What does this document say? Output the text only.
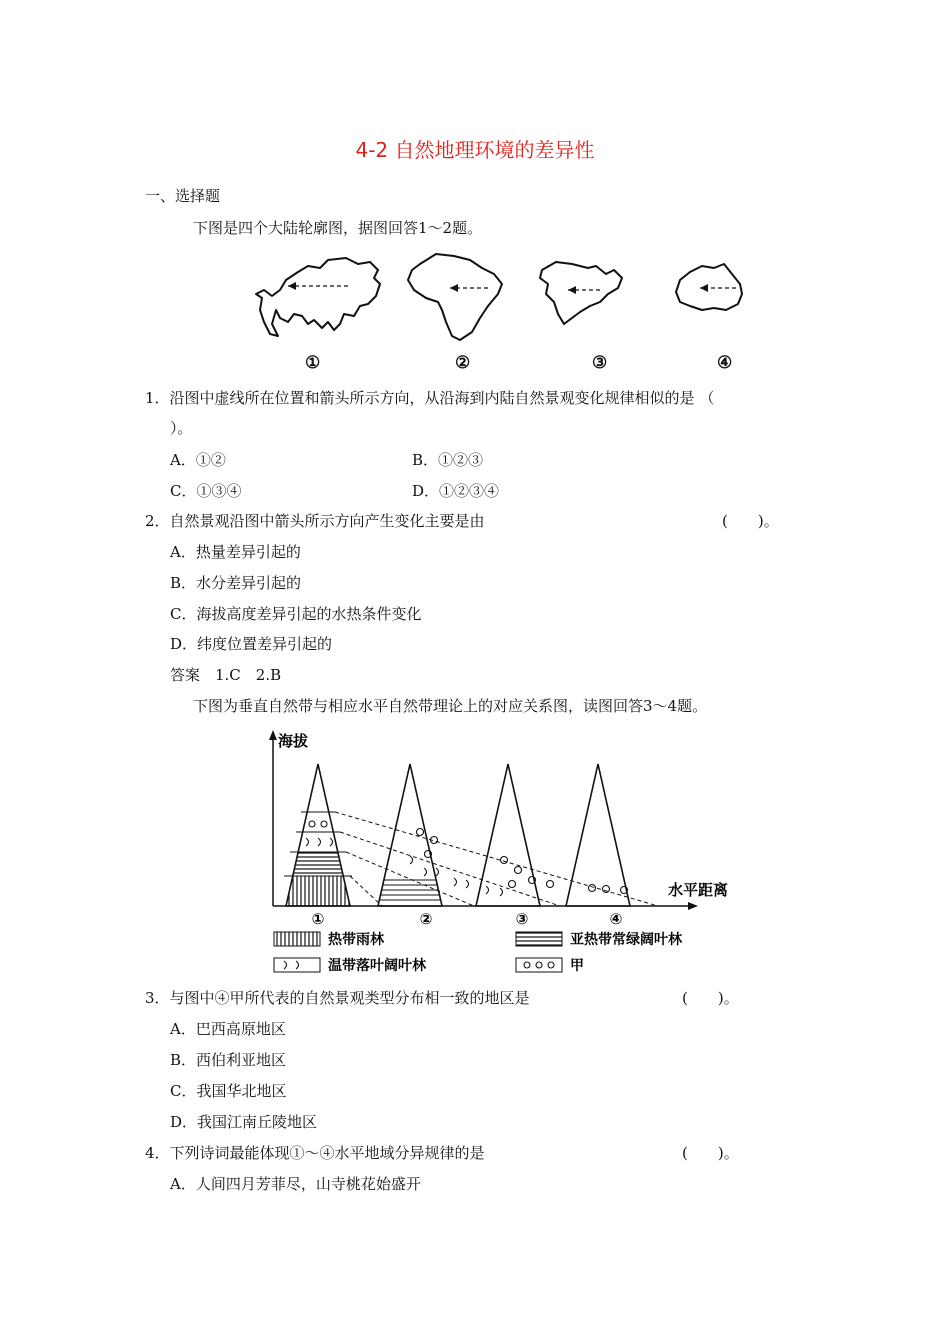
4-2 自然地理环境的差异性
一、选择题
下图是四个大陆轮廓图，据图回答1～2题。
①	②	③	④
1．沿图中虚线所在位置和箭头所示方向，从沿海到内陆自然景观变化规律相似的是 （
）。
A．①②	B．①②③
C．①③④	D．①②③④
2．自然景观沿图中箭头所示方向产生变化主要是由	(　　)。
A．热量差异引起的
B．水分差异引起的
C．海拔高度差异引起的水热条件变化
D．纬度位置差异引起的
答案　1.C　2.B
下图为垂直自然带与相应水平自然带理论上的对应关系图，读图回答3～4题。
海拔
水平距离
①	②	③	④
热带雨林	亚热带常绿阔叶林
温带落叶阔叶林	甲
3．与图中④甲所代表的自然景观类型分布相一致的地区是	(　　)。
A．巴西高原地区
B．西伯利亚地区
C．我国华北地区
D．我国江南丘陵地区
4．下列诗词最能体现①～④水平地域分异规律的是	(　　)。
A．人间四月芳菲尽，山寺桃花始盛开
